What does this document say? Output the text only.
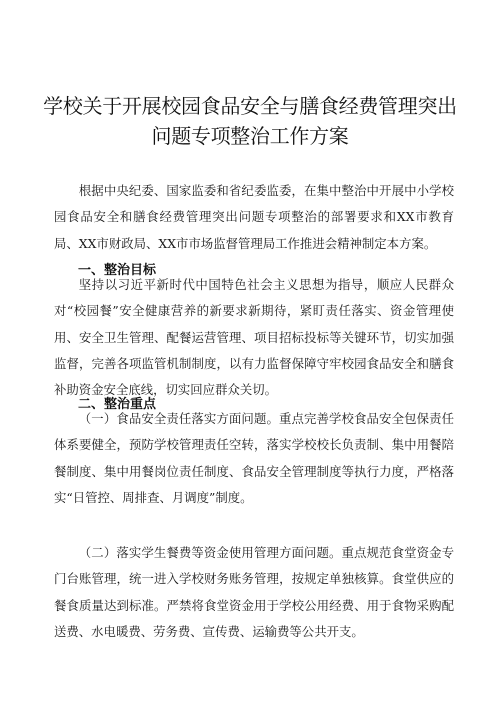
学校关于开展校园食品安全与膳食经费管理突出
问题专项整治工作方案

根据中央纪委、国家监委和省纪委监委，在集中整治中开展中小学校园食品安全和膳食经费管理突出问题专项整治的部署要求和XX市教育局、XX市财政局、XX市市场监督管理局工作推进会精神制定本方案。

一、整治目标

坚持以习近平新时代中国特色社会主义思想为指导，顺应人民群众对“校园餐”安全健康营养的新要求新期待，紧盯责任落实、资金管理使用、安全卫生管理、配餐运营管理、项目招标投标等关键环节，切实加强监督，完善各项监管机制制度，以有力监督保障守牢校园食品安全和膳食补助资金安全底线，切实回应群众关切。

二、整治重点

（一）食品安全责任落实方面问题。重点完善学校食品安全包保责任体系要健全，预防学校管理责任空转，落实学校校长负责制、集中用餐陪餐制度、集中用餐岗位责任制度、食品安全管理制度等执行力度，严格落实“日管控、周排查、月调度”制度。

（二）落实学生餐费等资金使用管理方面问题。重点规范食堂资金专门台账管理，统一进入学校财务账务管理，按规定单独核算。食堂供应的餐食质量达到标准。严禁将食堂资金用于学校公用经费、用于食物采购配送费、水电暖费、劳务费、宣传费、运输费等公共开支。
